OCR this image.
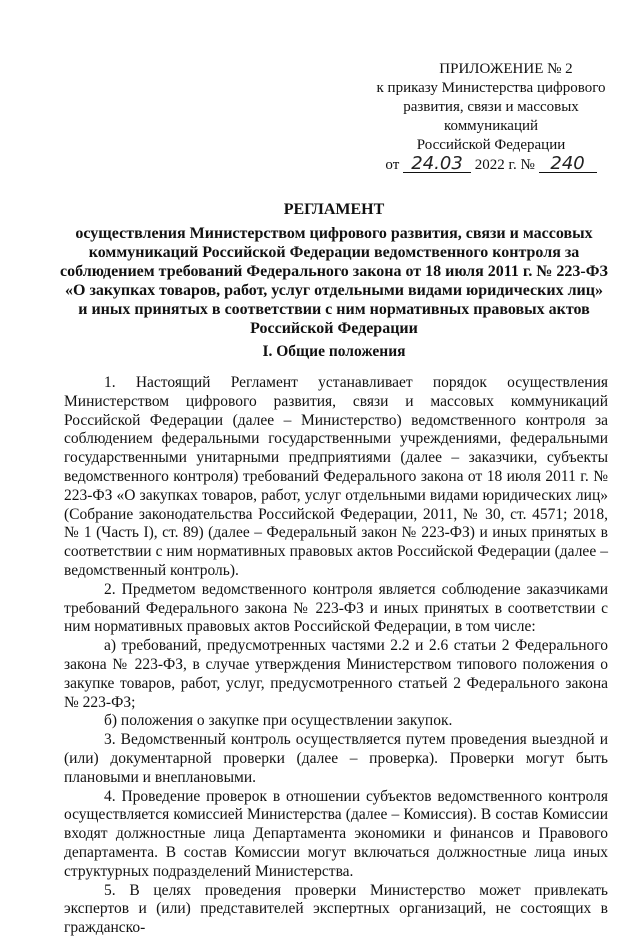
ПРИЛОЖЕНИЕ № 2
к приказу Министерства цифрового
развития, связи и массовых
коммуникаций
Российской Федерации
от 24.03 2022 г. № 240
РЕГЛАМЕНТ
осуществления Министерством цифрового развития, связи и массовых коммуникаций Российской Федерации ведомственного контроля за соблюдением требований Федерального закона от 18 июля 2011 г. № 223-ФЗ «О закупках товаров, работ, услуг отдельными видами юридических лиц» и иных принятых в соответствии с ним нормативных правовых актов Российской Федерации
I. Общие положения

1. Настоящий Регламент устанавливает порядок осуществления Министерством цифрового развития, связи и массовых коммуникаций Российской Федерации (далее – Министерство) ведомственного контроля за соблюдением федеральными государственными учреждениями, федеральными государственными унитарными предприятиями (далее – заказчики, субъекты ведомственного контроля) требований Федерального закона от 18 июля 2011 г. № 223-ФЗ «О закупках товаров, работ, услуг отдельными видами юридических лиц» (Собрание законодательства Российской Федерации, 2011, № 30, ст. 4571; 2018, № 1 (Часть I), ст. 89) (далее – Федеральный закон № 223-ФЗ) и иных принятых в соответствии с ним нормативных правовых актов Российской Федерации (далее – ведомственный контроль).

2. Предметом ведомственного контроля является соблюдение заказчиками требований Федерального закона № 223-ФЗ и иных принятых в соответствии с ним нормативных правовых актов Российской Федерации, в том числе:

а) требований, предусмотренных частями 2.2 и 2.6 статьи 2 Федерального закона № 223-ФЗ, в случае утверждения Министерством типового положения о закупке товаров, работ, услуг, предусмотренного статьей 2 Федерального закона № 223-ФЗ;

б) положения о закупке при осуществлении закупок.

3. Ведомственный контроль осуществляется путем проведения выездной и (или) документарной проверки (далее – проверка). Проверки могут быть плановыми и внеплановыми.

4. Проведение проверок в отношении субъектов ведомственного контроля осуществляется комиссией Министерства (далее – Комиссия). В состав Комиссии входят должностные лица Департамента экономики и финансов и Правового департамента. В состав Комиссии могут включаться должностные лица иных структурных подразделений Министерства.

5. В целях проведения проверки Министерство может привлекать экспертов и (или) представителей экспертных организаций, не состоящих в гражданско-
